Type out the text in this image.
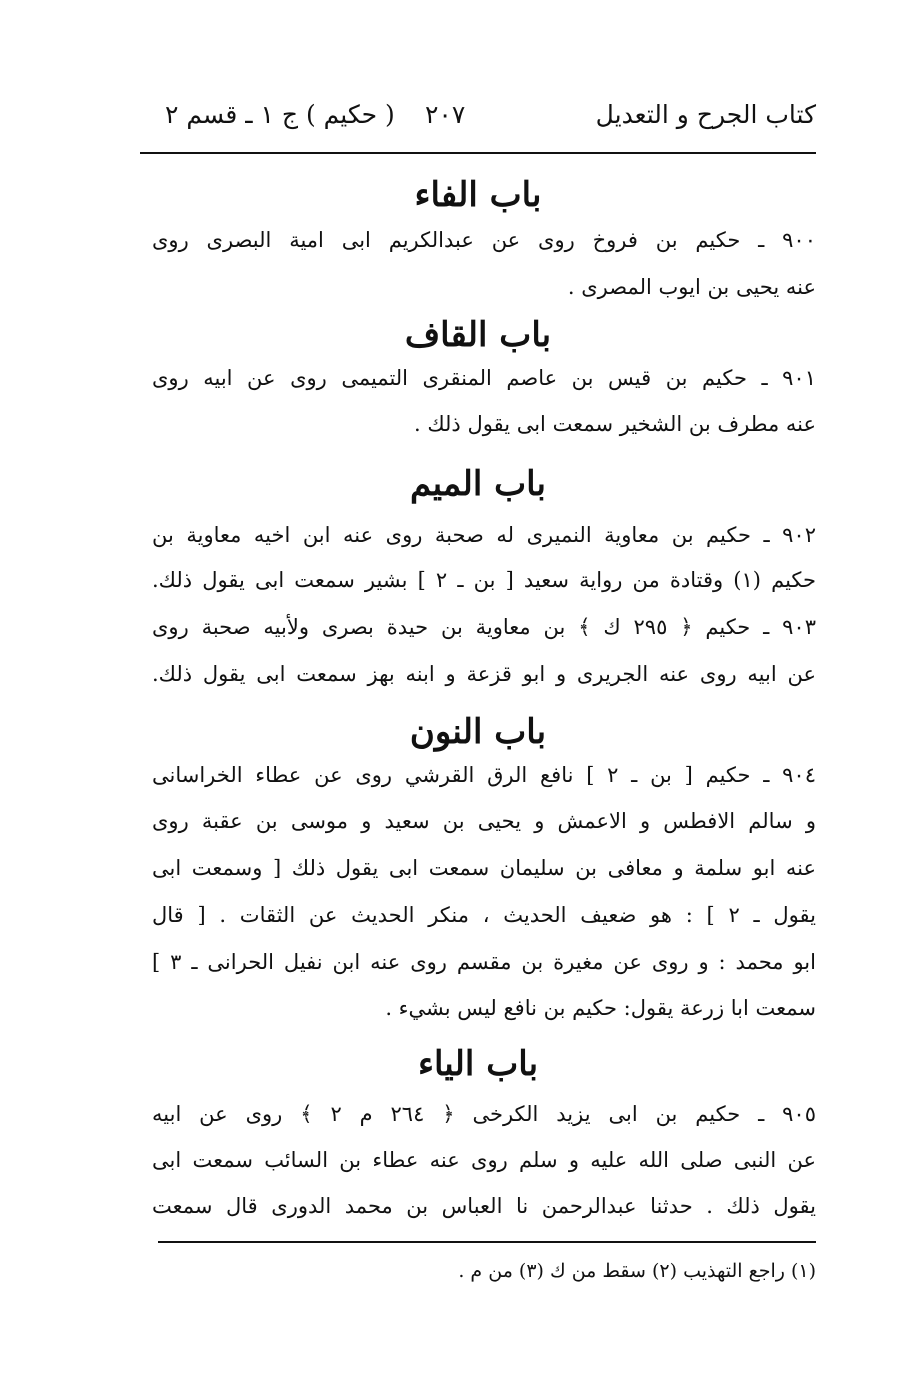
كتاب الجرح و التعديل
٢٠٧
( حكيم ) ج ١ ـ قسم ٢
باب الفاء
٩٠٠ ـ حكيم بن فروخ روى عن عبدالكريم ابى امية البصرى روى
عنه يحيى بن ايوب المصرى .
باب القاف
٩٠١ ـ حكيم بن قيس بن عاصم المنقرى التميمى روى عن ابيه روى
عنه مطرف بن الشخير سمعت ابى يقول ذلك .
باب الميم
٩٠٢ ـ حكيم بن معاوية النميرى له صحبة روى عنه ابن اخيه معاوية بن
حكيم (١) وقتادة من رواية سعيد [ بن ـ ٢ ] بشير سمعت ابى يقول ذلك.
٩٠٣ ـ حكيم ﴿ ٢٩٥ ك ﴾ بن معاوية بن حيدة بصرى ولأبيه صحبة روى
عن ابيه روى عنه الجريرى و ابو قزعة و ابنه بهز سمعت ابى يقول ذلك.
باب النون
٩٠٤ ـ حكيم [ بن ـ ٢ ] نافع الرق القرشي روى عن عطاء الخراسانى
و سالم الافطس و الاعمش و يحيى بن سعيد و موسى بن عقبة روى
عنه ابو سلمة و معافى بن سليمان سمعت ابى يقول ذلك [ وسمعت ابى
يقول ـ ٢ ] : هو ضعيف الحديث ، منكر الحديث عن الثقات . [ قال
ابو محمد : و روى عن مغيرة بن مقسم روى عنه ابن نفيل الحرانى ـ ٣ ]
سمعت ابا زرعة يقول: حكيم بن نافع ليس بشيء .
باب الياء
٩٠٥ ـ حكيم بن ابى يزيد الكرخى ﴿ ٢٦٤ م ٢ ﴾ روى عن ابيه
عن النبى صلى الله عليه و سلم روى عنه عطاء بن السائب سمعت ابى
يقول ذلك . حدثنا عبدالرحمن نا العباس بن محمد الدورى قال سمعت
(١) راجع التهذيب (٢) سقط من ك (٣) من م .
